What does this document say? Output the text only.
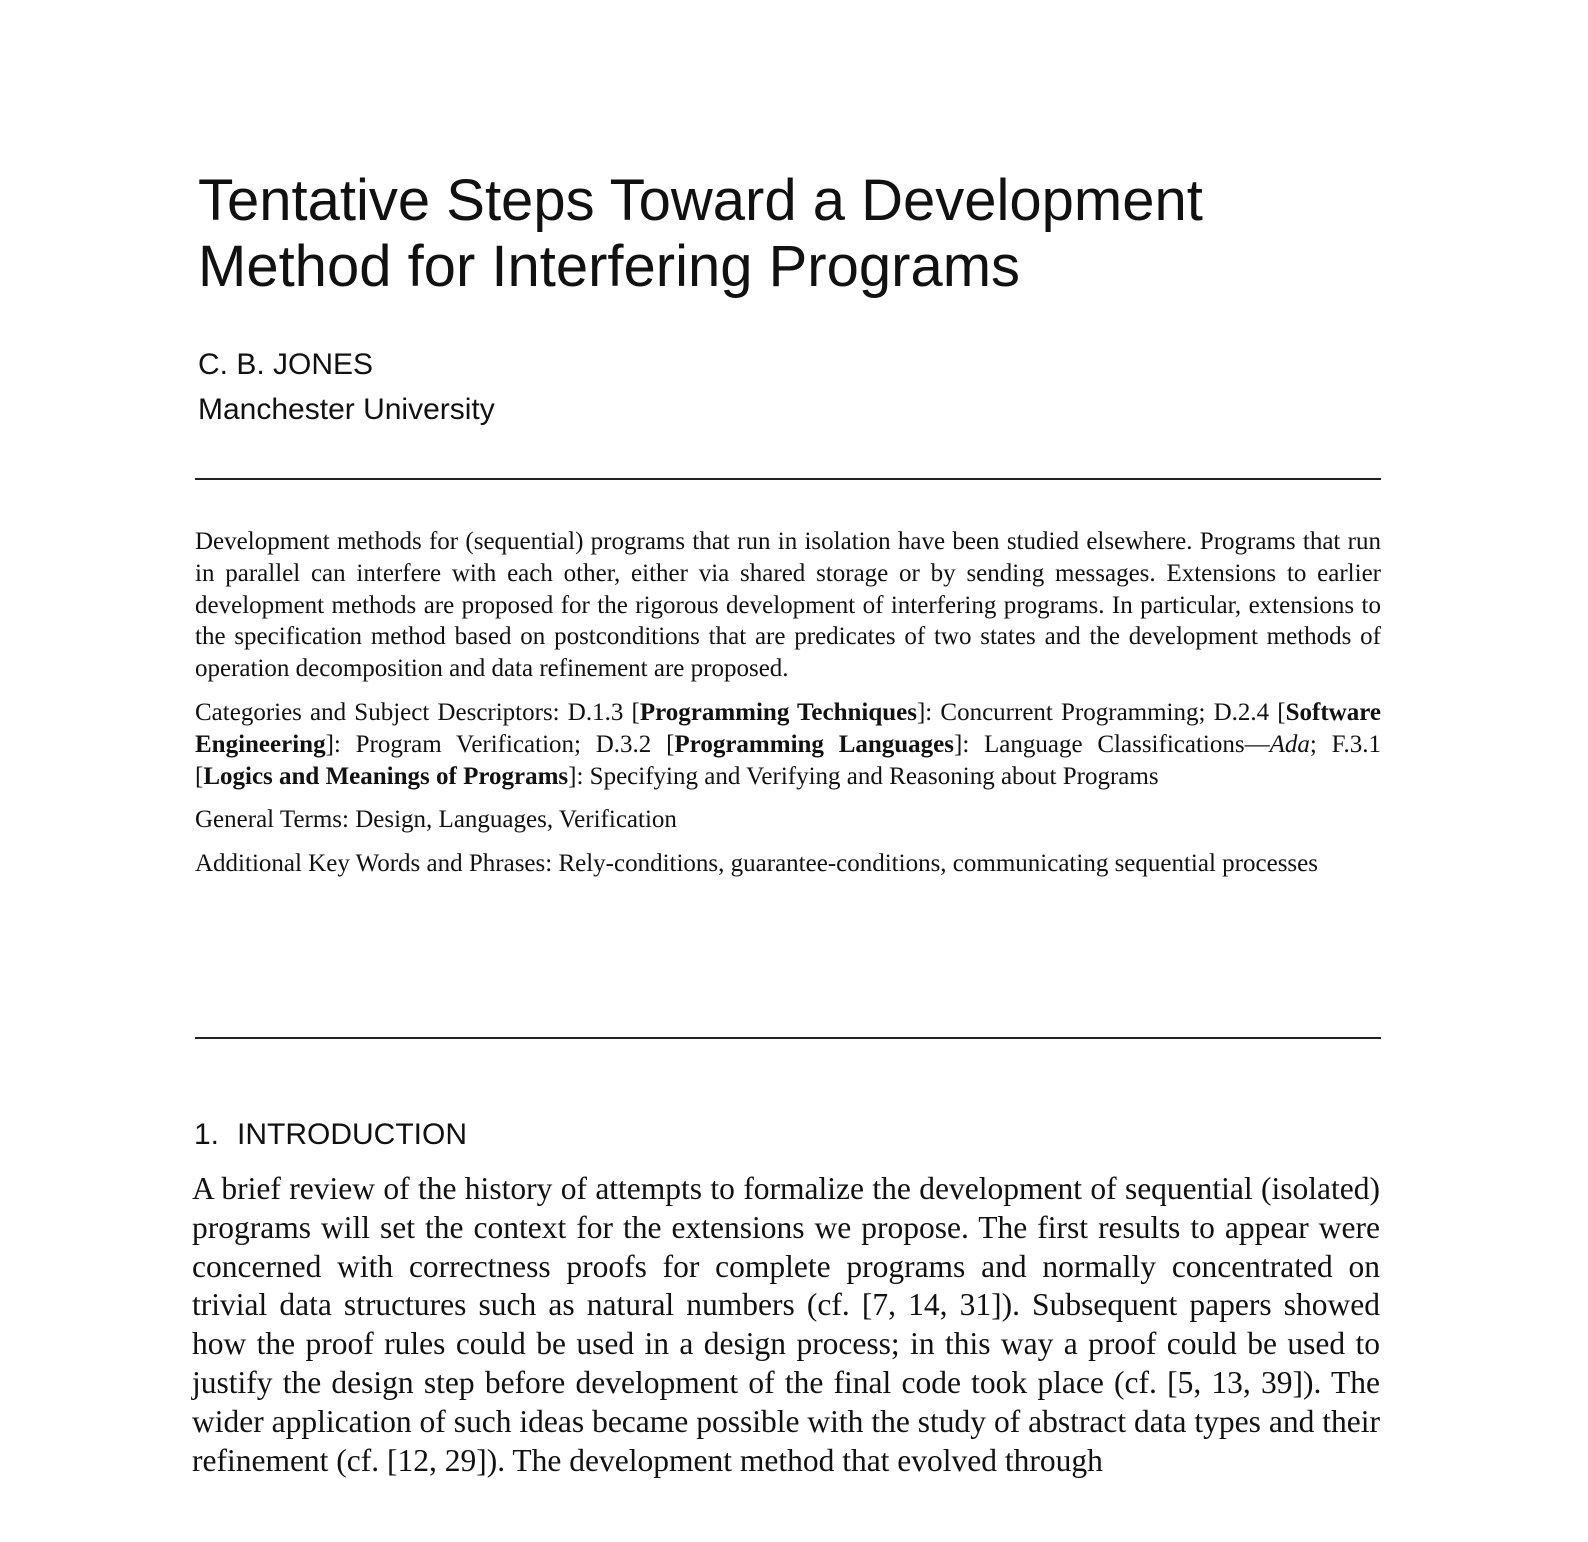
Tentative Steps Toward a Development Method for Interfering Programs
C. B. JONES
Manchester University

Development methods for (sequential) programs that run in isolation have been studied elsewhere. Programs that run in parallel can interfere with each other, either via shared storage or by sending messages. Extensions to earlier development methods are proposed for the rigorous development of interfering programs. In particular, extensions to the specification method based on postconditions that are predicates of two states and the development methods of operation decomposition and data refinement are proposed.

Categories and Subject Descriptors: D.1.3 [Programming Techniques]: Concurrent Programming; D.2.4 [Software Engineering]: Program Verification; D.3.2 [Programming Languages]: Language Classifications—Ada; F.3.1 [Logics and Meanings of Programs]: Specifying and Verifying and Reasoning about Programs

General Terms: Design, Languages, Verification

Additional Key Words and Phrases: Rely-conditions, guarantee-conditions, communicating sequential processes

1. INTRODUCTION

A brief review of the history of attempts to formalize the development of sequential (isolated) programs will set the context for the extensions we propose. The first results to appear were concerned with correctness proofs for complete programs and normally concentrated on trivial data structures such as natural numbers (cf. [7, 14, 31]). Subsequent papers showed how the proof rules could be used in a design process; in this way a proof could be used to justify the design step before development of the final code took place (cf. [5, 13, 39]). The wider application of such ideas became possible with the study of abstract data types and their refinement (cf. [12, 29]). The development method that evolved through
